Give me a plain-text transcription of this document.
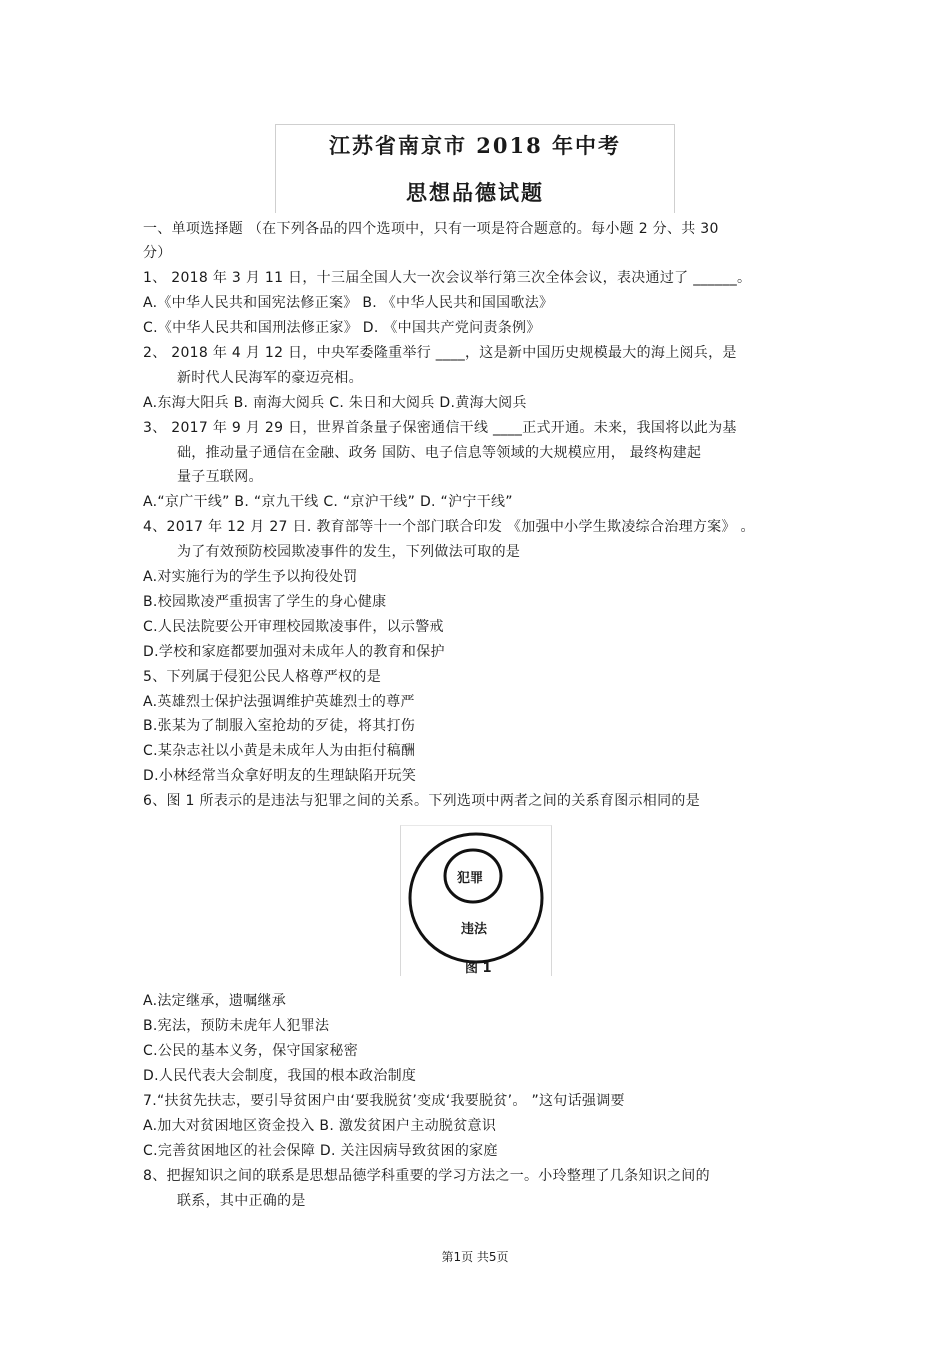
江苏省南京市 2018 年中考
思想品德试题
一、单项选择题 （在下列各品的四个选项中，只有一项是符合题意的。每小题 2 分、共 30
分）
1、 2018 年 3 月 11 日，十三届全国人大一次会议举行第三次全体会议，表决通过了 ______。
A.《中华人民共和国宪法修正案》 B. 《中华人民共和国国歌法》
C.《中华人民共和国刑法修正家》 D. 《中国共产党问责条例》
2、 2018 年 4 月 12 日，中央军委隆重举行 ____，这是新中国历史规模最大的海上阅兵，是
新时代人民海军的豪迈亮相。
A.东海大阳兵 B. 南海大阅兵 C. 朱日和大阅兵 D.黄海大阅兵
3、 2017 年 9 月 29 日，世界首条量子保密通信干线 ____正式开通。未来，我国将以此为基
础，推动量子通信在金融、政务 国防、电子信息等领域的大规模应用， 最终构建起
量子互联网。
A.“京广干线” B. “京九干线 C. “京沪干线” D. “沪宁干线”
4、2017 年 12 月 27 日. 教育部等十一个部门联合印发 《加强中小学生欺凌综合治理方案》 。
为了有效预防校园欺凌事件的发生，下列做法可取的是
A.对实施行为的学生予以拘役处罚
B.校园欺凌严重损害了学生的身心健康
C.人民法院要公开审理校园欺凌事件，以示警戒
D.学校和家庭都要加强对未成年人的教育和保护
5、下列属于侵犯公民人格尊严权的是
A.英雄烈士保护法强调维护英雄烈士的尊严
B.张某为了制服入室抢劫的歹徒，将其打伤
C.某杂志社以小黄是未成年人为由拒付稿酬
D.小林经常当众拿好明友的生理缺陷开玩笑
6、图 1 所表示的是违法与犯罪之间的关系。下列选项中两者之间的关系育图示相同的是
犯罪
违法
图 1
A.法定继承，遗嘱继承
B.宪法，预防未虎年人犯罪法
C.公民的基本义务，保守国家秘密
D.人民代表大会制度，我国的根本政治制度
7.“扶贫先扶志，要引导贫困户由‘要我脱贫’变成‘我要脱贫’。 ”这句话强调要
A.加大对贫困地区资金投入 B. 激发贫困户主动脱贫意识
C.完善贫困地区的社会保障 D. 关注因病导致贫困的家庭
8、把握知识之间的联系是思想品德学科重要的学习方法之一。小玲整理了几条知识之间的
联系，其中正确的是
第1页 共5页
